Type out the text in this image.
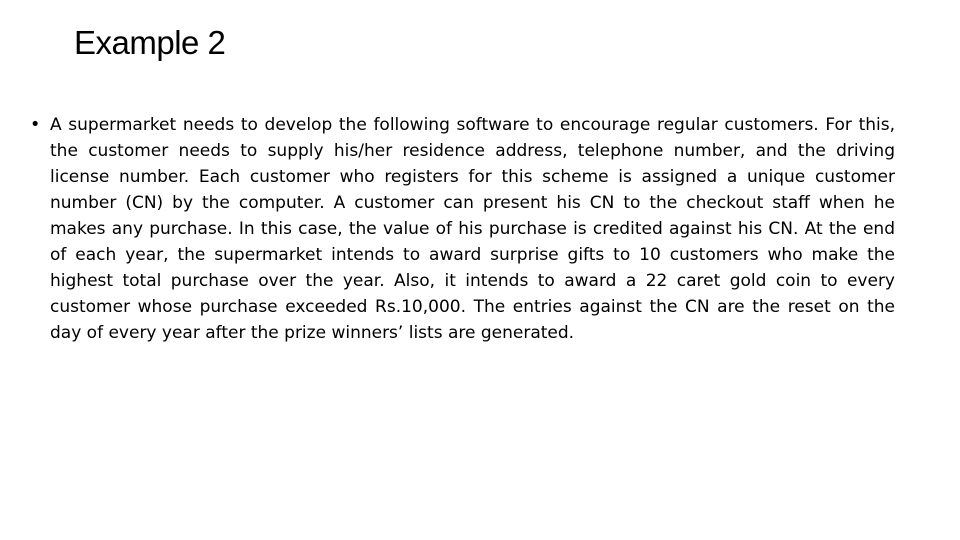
Example 2
• A supermarket needs to develop the following software to encourage regular customers. For this, the customer needs to supply his/her residence address, telephone number, and the driving license number. Each customer who registers for this scheme is assigned a unique customer number (CN) by the computer. A customer can present his CN to the checkout staff when he makes any purchase. In this case, the value of his purchase is credited against his CN. At the end of each year, the supermarket intends to award surprise gifts to 10 customers who make the highest total purchase over the year. Also, it intends to award a 22 caret gold coin to every customer whose purchase exceeded Rs.10,000. The entries against the CN are the reset on the day of every year after the prize winners’ lists are generated.
